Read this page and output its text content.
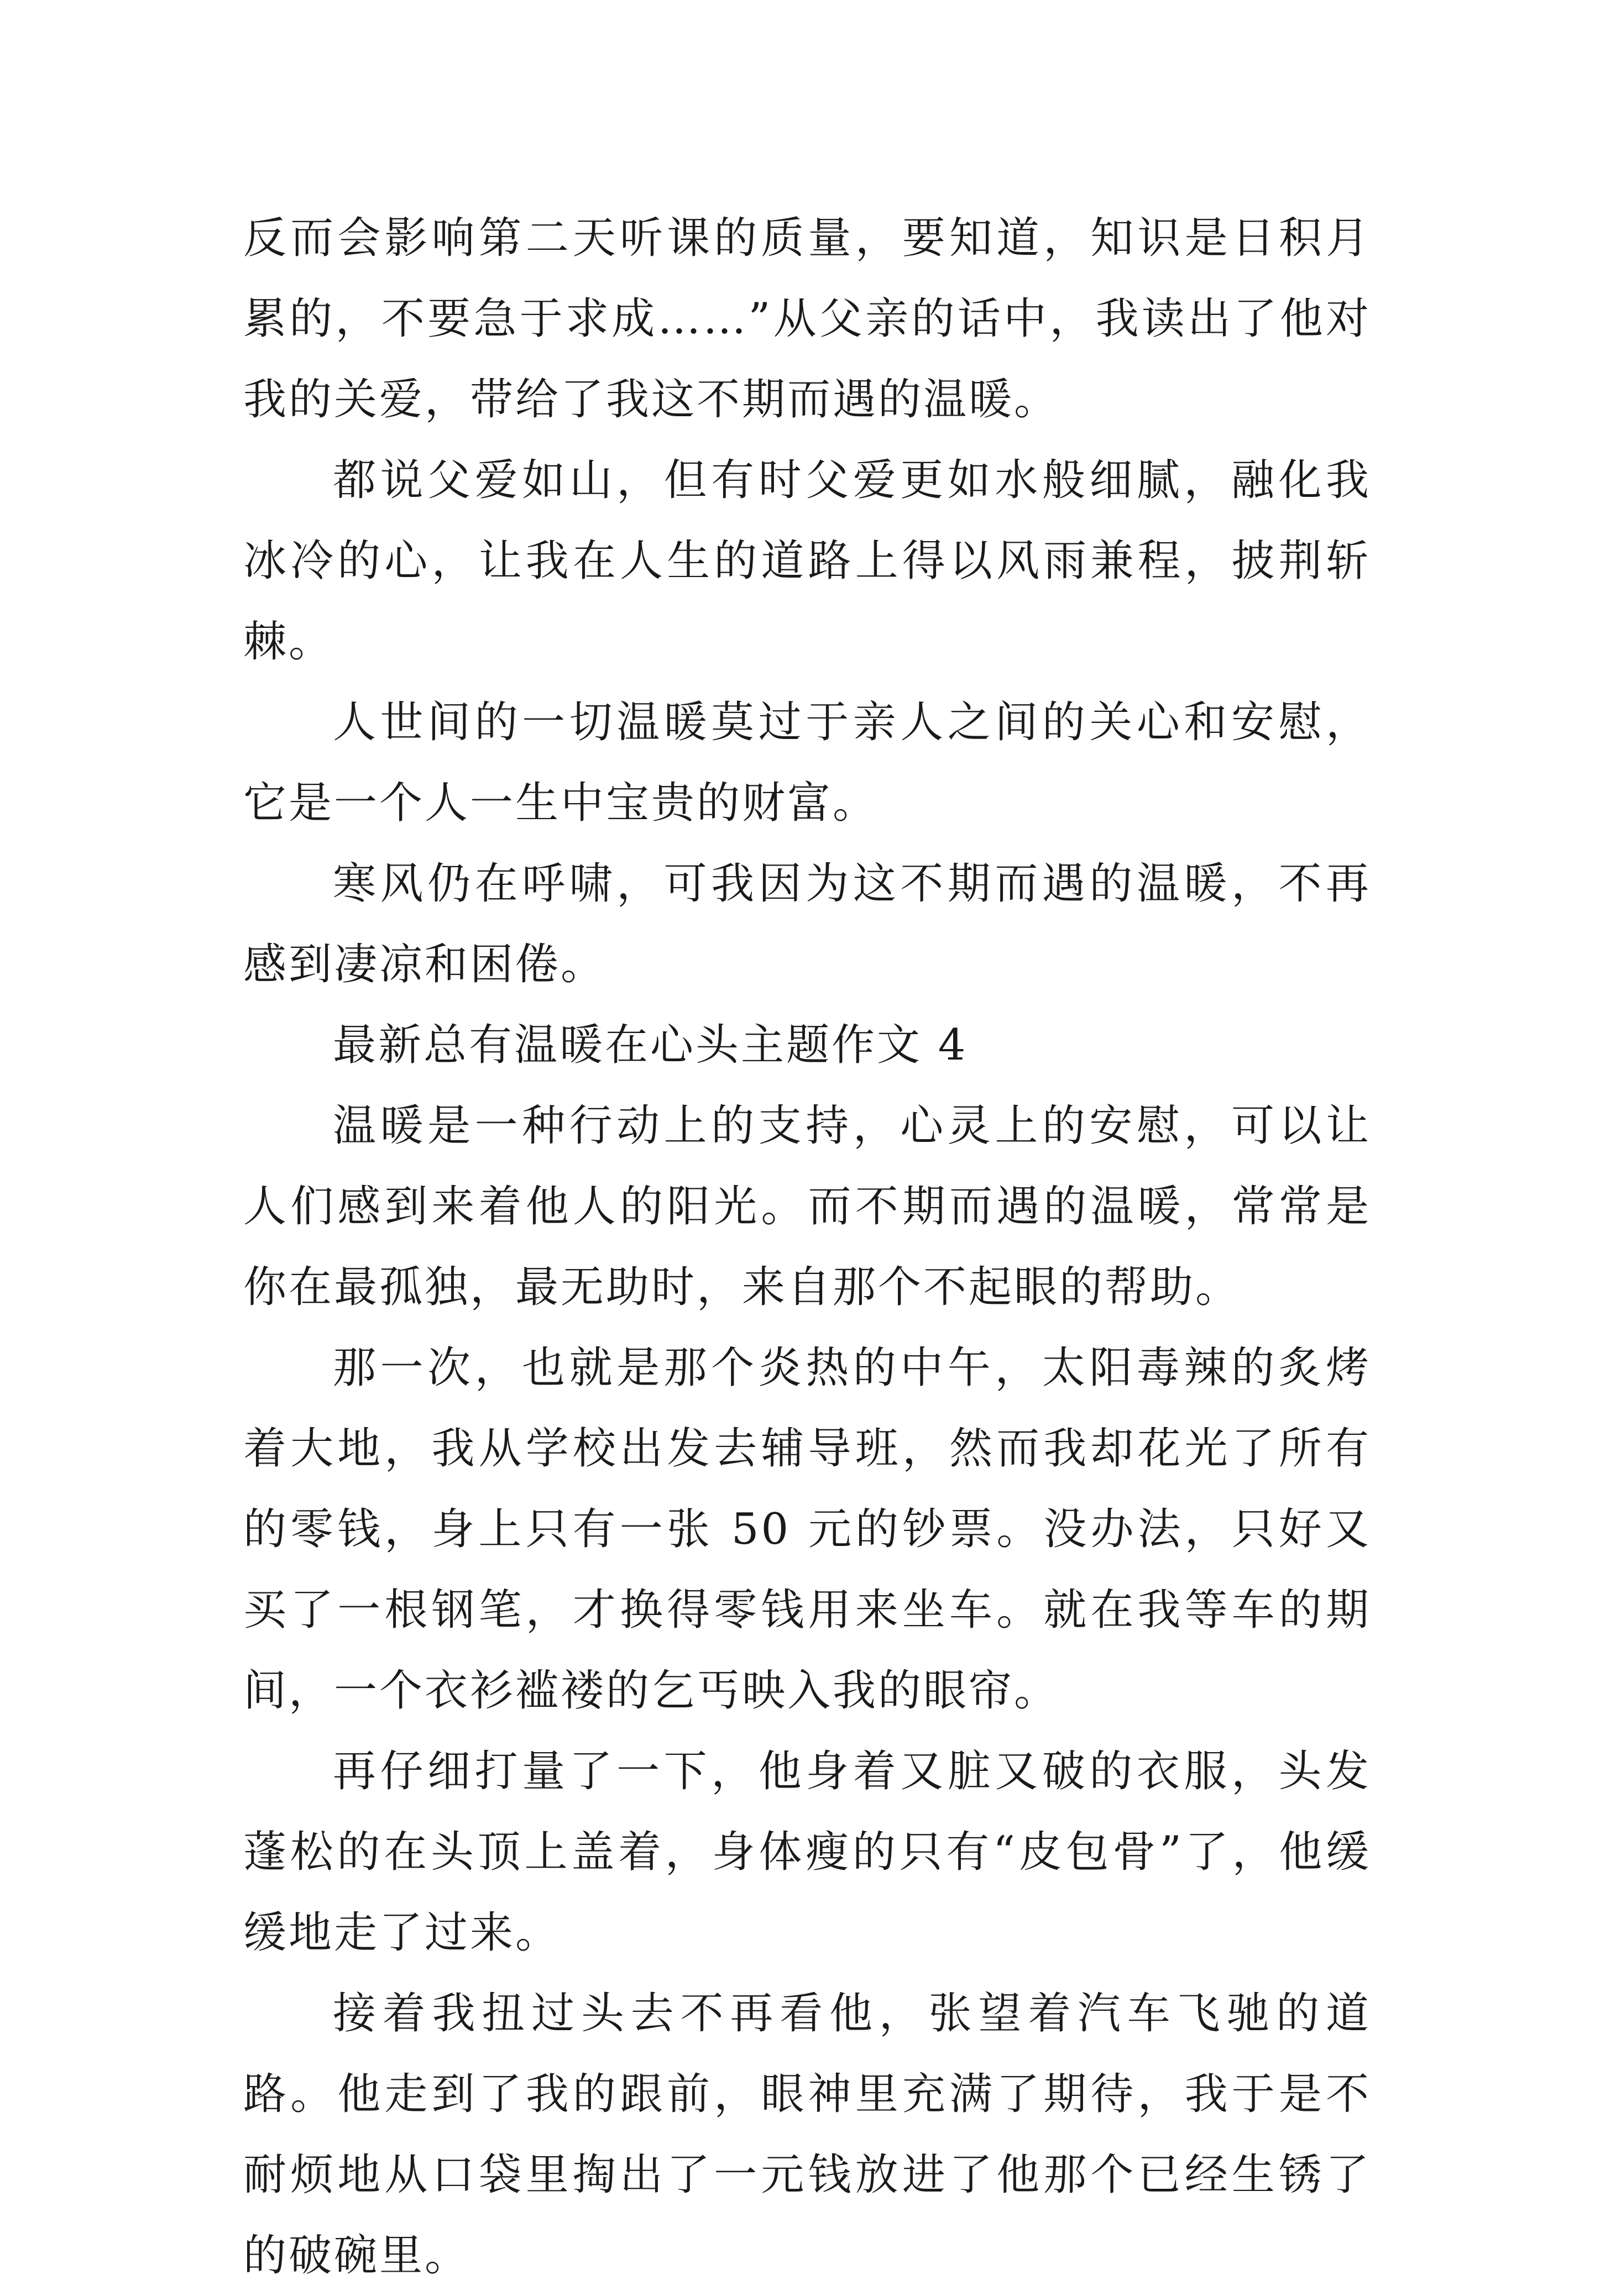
反而会影响第二天听课的质量，要知道，知识是日积月累的，不要急于求成……”从父亲的话中，我读出了他对我的关爱，带给了我这不期而遇的温暖。

都说父爱如山，但有时父爱更如水般细腻，融化我冰冷的心，让我在人生的道路上得以风雨兼程，披荆斩棘。

人世间的一切温暖莫过于亲人之间的关心和安慰，它是一个人一生中宝贵的财富。

寒风仍在呼啸，可我因为这不期而遇的温暖，不再感到凄凉和困倦。

最新总有温暖在心头主题作文 4

温暖是一种行动上的支持，心灵上的安慰，可以让人们感到来着他人的阳光。而不期而遇的温暖，常常是你在最孤独，最无助时，来自那个不起眼的帮助。

那一次，也就是那个炎热的中午，太阳毒辣的炙烤着大地，我从学校出发去辅导班，然而我却花光了所有的零钱，身上只有一张 50 元的钞票。没办法，只好又买了一根钢笔，才换得零钱用来坐车。就在我等车的期间，一个衣衫褴褛的乞丐映入我的眼帘。

再仔细打量了一下，他身着又脏又破的衣服，头发蓬松的在头顶上盖着，身体瘦的只有“皮包骨”了，他缓缓地走了过来。

接着我扭过头去不再看他，张望着汽车飞驰的道路。他走到了我的跟前，眼神里充满了期待，我于是不耐烦地从口袋里掏出了一元钱放进了他那个已经生锈了的破碗里。
